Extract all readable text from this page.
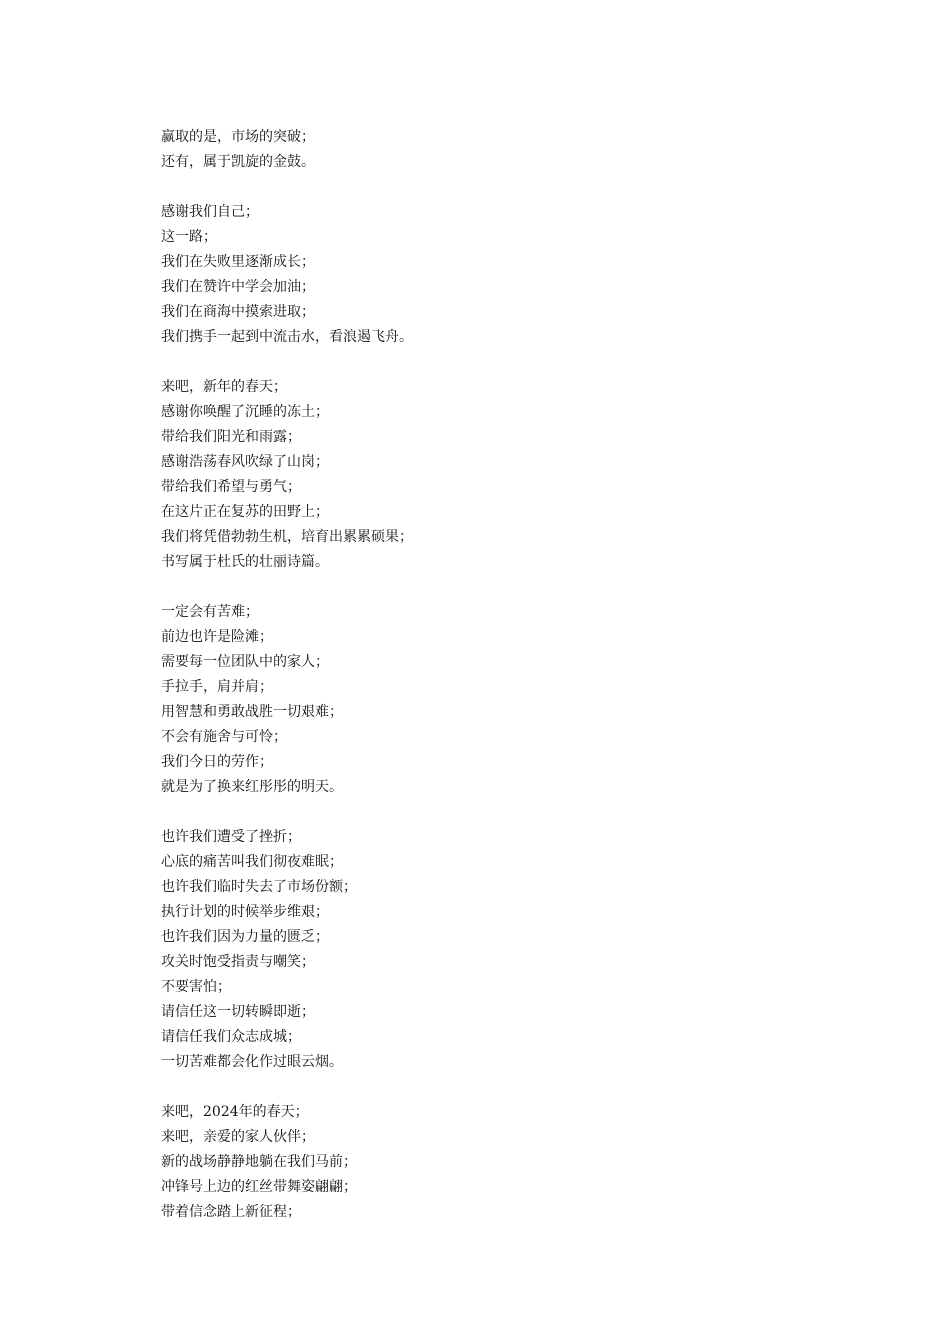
赢取的是，市场的突破；
还有，属于凯旋的金鼓。
感谢我们自己；
这一路；
我们在失败里逐渐成长；
我们在赞许中学会加油；
我们在商海中摸索进取；
我们携手一起到中流击水，看浪遏飞舟。
来吧，新年的春天；
感谢你唤醒了沉睡的冻土；
带给我们阳光和雨露；
感谢浩荡春风吹绿了山岗；
带给我们希望与勇气；
在这片正在复苏的田野上；
我们将凭借勃勃生机，培育出累累硕果；
书写属于杜氏的壮丽诗篇。
一定会有苦难；
前边也许是险滩；
需要每一位团队中的家人；
手拉手，肩并肩；
用智慧和勇敢战胜一切艰难；
不会有施舍与可怜；
我们今日的劳作；
就是为了换来红彤彤的明天。
也许我们遭受了挫折；
心底的痛苦叫我们彻夜难眠；
也许我们临时失去了市场份额；
执行计划的时候举步维艰；
也许我们因为力量的匮乏；
攻关时饱受指责与嘲笑；
不要害怕；
请信任这一切转瞬即逝；
请信任我们众志成城；
一切苦难都会化作过眼云烟。
来吧，2024年的春天；
来吧，亲爱的家人伙伴；
新的战场静静地躺在我们马前；
冲锋号上边的红丝带舞姿翩翩；
带着信念踏上新征程；
